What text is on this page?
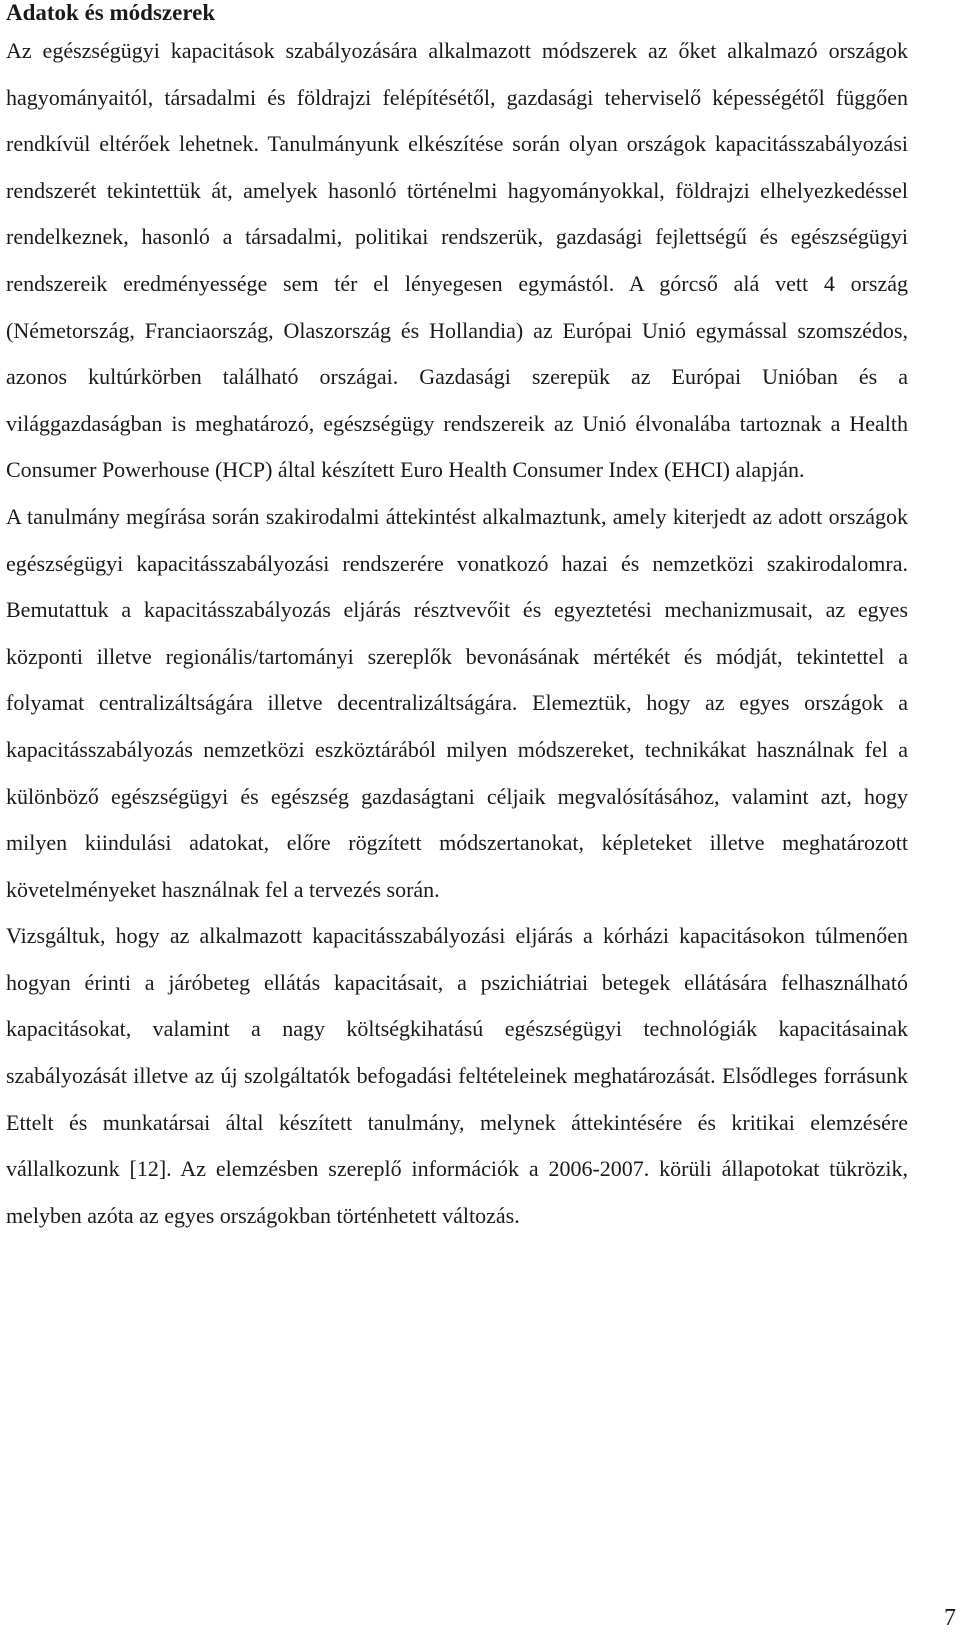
Adatok és módszerek

Az egészségügyi kapacitások szabályozására alkalmazott módszerek az őket alkalmazó országok hagyományaitól, társadalmi és földrajzi felépítésétől, gazdasági teherviselő képességétől függően rendkívül eltérőek lehetnek. Tanulmányunk elkészítése során olyan országok kapacitásszabályozási rendszerét tekintettük át, amelyek hasonló történelmi hagyományokkal, földrajzi elhelyezkedéssel rendelkeznek, hasonló a társadalmi, politikai rendszerük, gazdasági fejlettségű és egészségügyi rendszereik eredményessége sem tér el lényegesen egymástól. A górcső alá vett 4 ország (Németország, Franciaország, Olaszország és Hollandia) az Európai Unió egymással szomszédos, azonos kultúrkörben található országai. Gazdasági szerepük az Európai Unióban és a világgazdaságban is meghatározó, egészségügy rendszereik az Unió élvonalába tartoznak a Health Consumer Powerhouse (HCP) által készített Euro Health Consumer Index (EHCI) alapján.

A tanulmány megírása során szakirodalmi áttekintést alkalmaztunk, amely kiterjedt az adott országok egészségügyi kapacitásszabályozási rendszerére vonatkozó hazai és nemzetközi szakirodalomra. Bemutattuk a kapacitásszabályozás eljárás résztvevőit és egyeztetési mechanizmusait, az egyes központi illetve regionális/tartományi szereplők bevonásának mértékét és módját, tekintettel a folyamat centralizáltságára illetve decentralizáltságára. Elemeztük, hogy az egyes országok a kapacitásszabályozás nemzetközi eszköztárából milyen módszereket, technikákat használnak fel a különböző egészségügyi és egészség gazdaságtani céljaik megvalósításához, valamint azt, hogy milyen kiindulási adatokat, előre rögzített módszertanokat, képleteket illetve meghatározott követelményeket használnak fel a tervezés során.

Vizsgáltuk, hogy az alkalmazott kapacitásszabályozási eljárás a kórházi kapacitásokon túlmenően hogyan érinti a járóbeteg ellátás kapacitásait, a pszichiátriai betegek ellátására felhasználható kapacitásokat, valamint a nagy költségkihatású egészségügyi technológiák kapacitásainak szabályozását illetve az új szolgáltatók befogadási feltételeinek meghatározását. Elsődleges forrásunk Ettelt és munkatársai által készített tanulmány, melynek áttekintésére és kritikai elemzésére vállalkozunk [12]. Az elemzésben szereplő információk a 2006-2007. körüli állapotokat tükrözik, melyben azóta az egyes országokban történhetett változás.

7
